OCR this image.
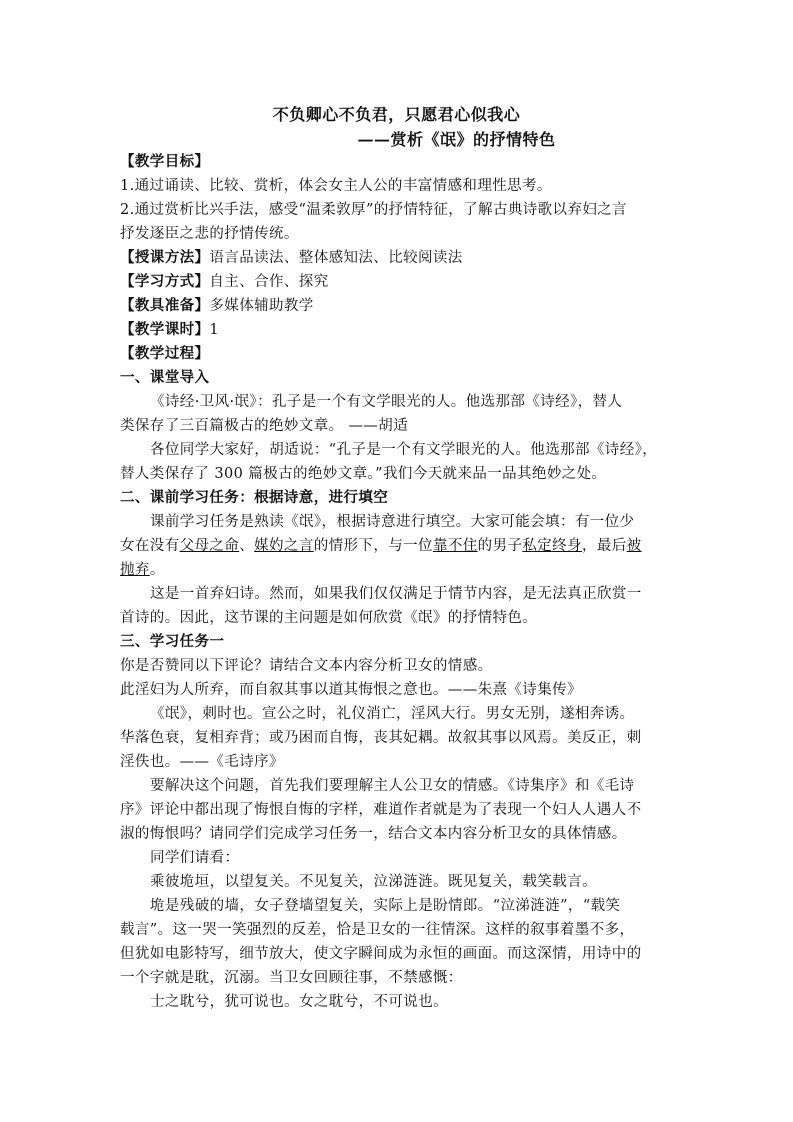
不负卿心不负君，只愿君心似我心
——赏析《氓》的抒情特色
【教学目标】
1.通过诵读、比较、赏析，体会女主人公的丰富情感和理性思考。
2.通过赏析比兴手法，感受“温柔敦厚”的抒情特征，了解古典诗歌以弃妇之言
抒发逐臣之悲的抒情传统。
【授课方法】语言品读法、整体感知法、比较阅读法
【学习方式】自主、合作、探究
【教具准备】多媒体辅助教学
【教学课时】1
【教学过程】
一、课堂导入
《诗经·卫风·氓》：孔子是一个有文学眼光的人。他选那部《诗经》，替人
类保存了三百篇极古的绝妙文章。 ——胡适
各位同学大家好，胡适说：“孔子是一个有文学眼光的人。他选那部《诗经》，
替人类保存了 300 篇极古的绝妙文章。”我们今天就来品一品其绝妙之处。
二、课前学习任务：根据诗意，进行填空
课前学习任务是熟读《氓》，根据诗意进行填空。大家可能会填：有一位少
女在没有父母之命、媒妁之言的情形下，与一位靠不住的男子私定终身，最后被
抛弃。
这是一首弃妇诗。然而，如果我们仅仅满足于情节内容，是无法真正欣赏一
首诗的。因此，这节课的主问题是如何欣赏《氓》的抒情特色。
三、学习任务一
你是否赞同以下评论？请结合文本内容分析卫女的情感。
此淫妇为人所弃，而自叙其事以道其悔恨之意也。——朱熹《诗集传》
《氓》，刺时也。宣公之时，礼仪消亡，淫风大行。男女无别，遂相奔诱。
华落色衰，复相弃背；或乃困而自悔，丧其妃耦。故叙其事以风焉。美反正，刺
淫佚也。——《毛诗序》
要解决这个问题，首先我们要理解主人公卫女的情感。《诗集序》和《毛诗
序》评论中都出现了悔恨自悔的字样，难道作者就是为了表现一个妇人人遇人不
淑的悔恨吗？请同学们完成学习任务一，结合文本内容分析卫女的具体情感。
同学们请看：
乘彼垝垣，以望复关。不见复关，泣涕涟涟。既见复关，载笑载言。
垝是残破的墙，女子登墙望复关，实际上是盼情郎。“泣涕涟涟”，“载笑
载言”。这一哭一笑强烈的反差，恰是卫女的一往情深。这样的叙事着墨不多，
但犹如电影特写，细节放大，使文字瞬间成为永恒的画面。而这深情，用诗中的
一个字就是耽，沉溺。当卫女回顾往事，不禁感慨：
士之耽兮，犹可说也。女之耽兮，不可说也。
